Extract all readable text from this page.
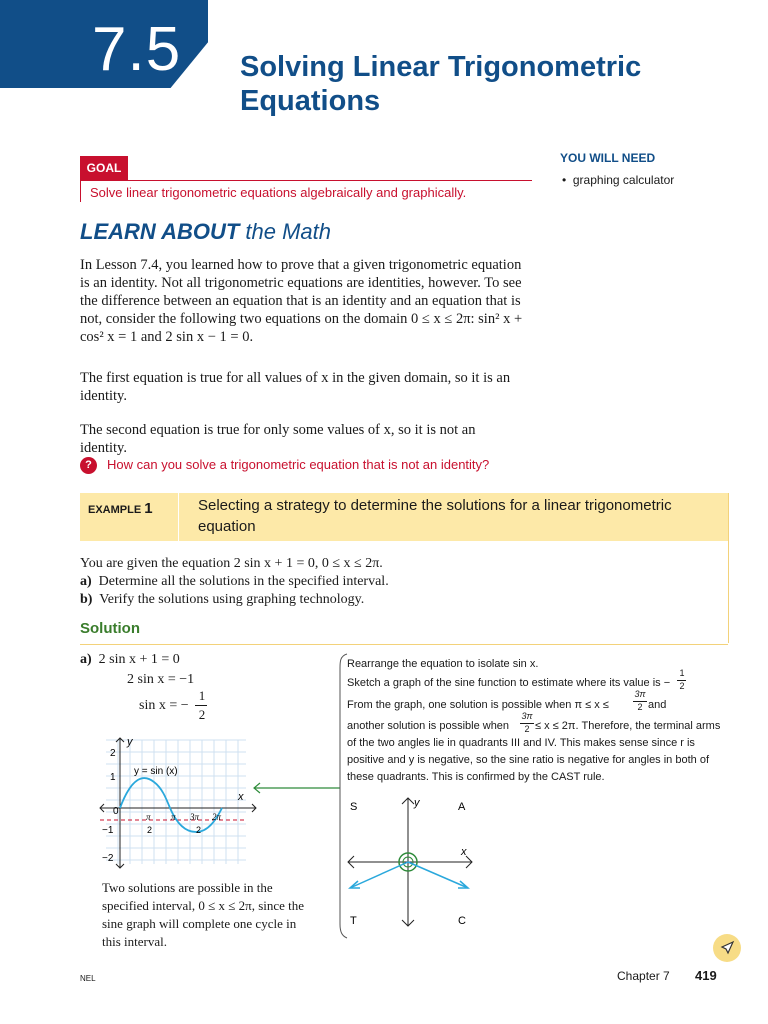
7.5 Solving Linear Trigonometric
Equations
GOAL
Solve linear trigonometric equations algebraically and graphically.
YOU WILL NEED
•  graphing calculator
LEARN ABOUT the Math
In Lesson 7.4, you learned how to prove that a given trigonometric equation is an identity. Not all trigonometric equations are identities, however. To see the difference between an equation that is an identity and an equation that is not, consider the following two equations on the domain 0 ≤ x ≤ 2π: sin² x + cos² x = 1 and 2 sin x − 1 = 0.
The first equation is true for all values of x in the given domain, so it is an identity.
The second equation is true for only some values of x, so it is not an identity.
?	How can you solve a trigonometric equation that is not an identity?
EXAMPLE 1	Selecting a strategy to determine the solutions for a linear trigonometric equation
You are given the equation 2 sin x + 1 = 0, 0 ≤ x ≤ 2π.
a) Determine all the solutions in the specified interval.
b) Verify the solutions using graphing technology.
Solution
a) 2 sin x + 1 = 0
2 sin x = −1
sin x = −
1
2
y
x
y = sin (x)
2
1
0
−1
−2
π
2
π 3π
2
2π
Two solutions are possible in the specified interval, 0 ≤ x ≤ 2π, since the sine graph will complete one cycle in this interval.
Rearrange the equation to isolate sin x.
Sketch a graph of the sine function to estimate where its value is −
1
2
From the graph, one solution is possible when π ≤ x ≤
3π
2 and
another solution is possible when
3π
2 ≤ x ≤ 2π. Therefore, the terminal arms of the two angles lie in quadrants III and IV. This makes sense since r is positive and y is negative, so the sine ratio is negative for angles in both of these quadrants. This is confirmed by the CAST rule.
S	A
T	C
y
x
NEL	Chapter 7 419
